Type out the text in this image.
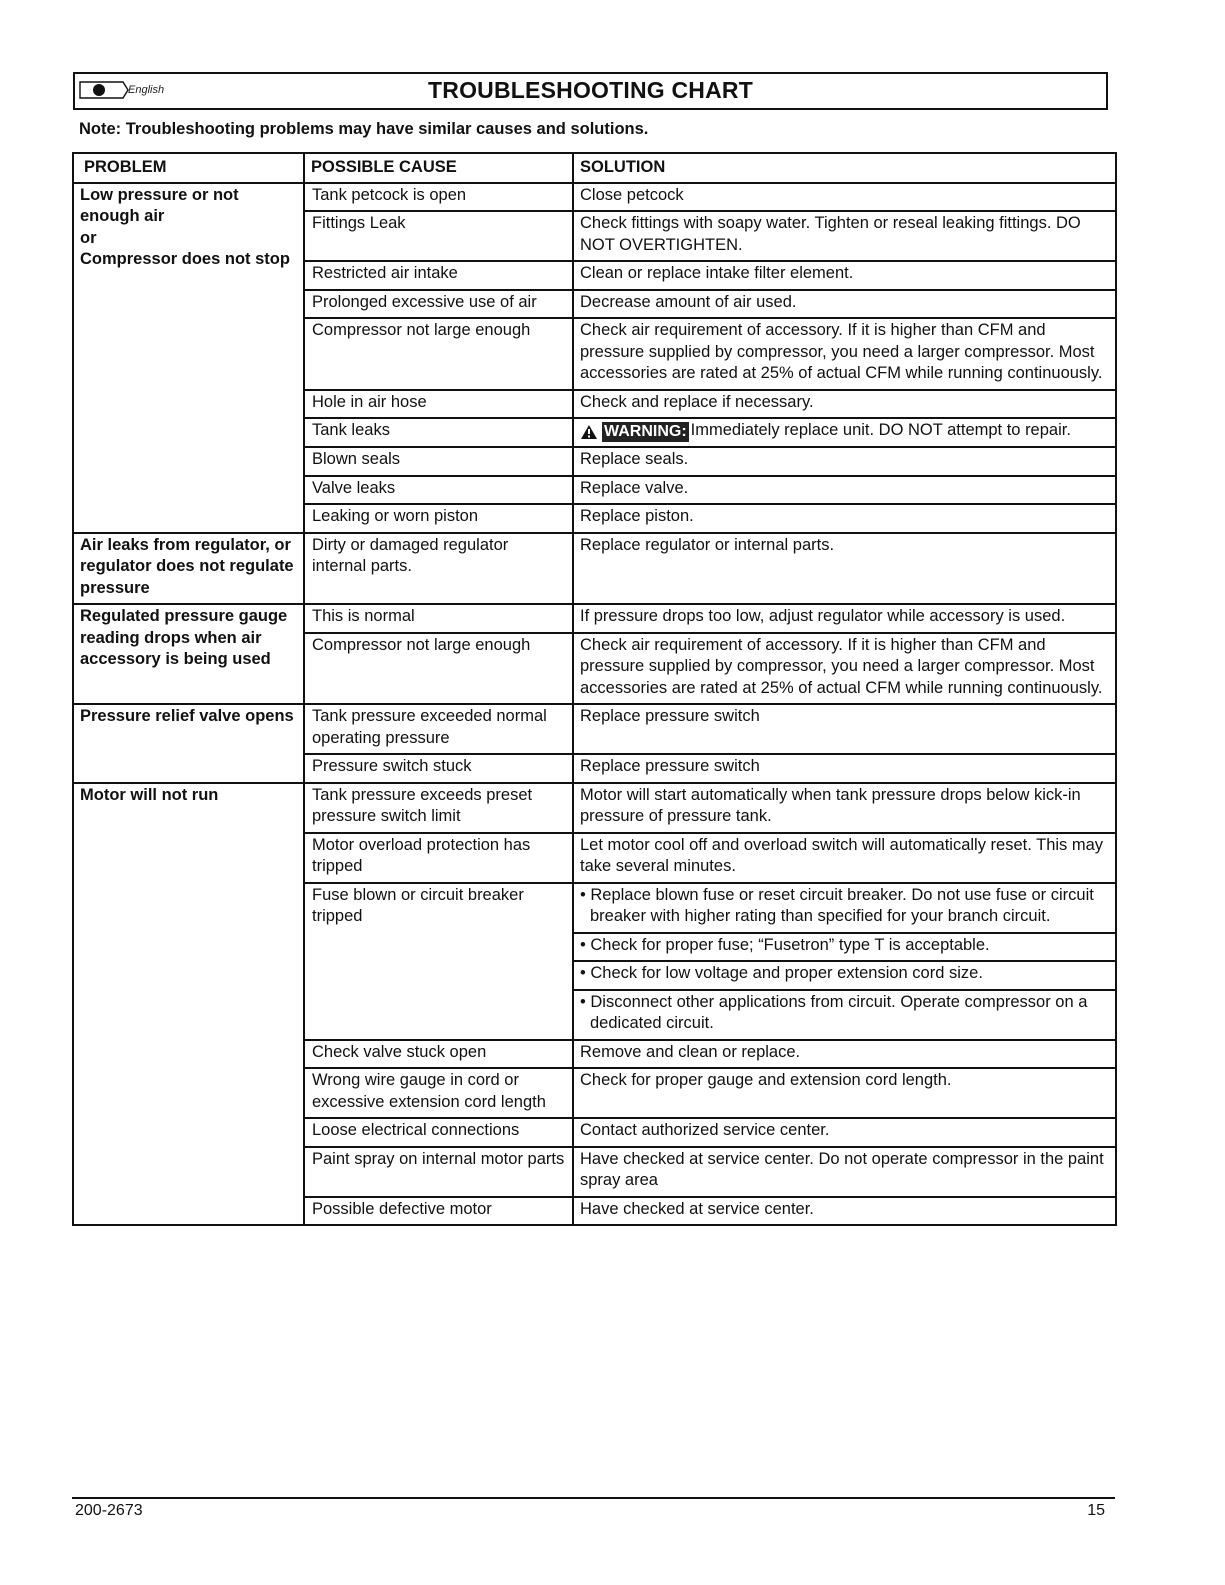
English	TROUBLESHOOTING CHART
Note: Troubleshooting problems may have similar causes and solutions.
PROBLEM	POSSIBLE CAUSE	SOLUTION

Low pressure or not enough air
or
Compressor does not stop	Tank petcock is open	Close petcock
	Fittings Leak	Check fittings with soapy water. Tighten or reseal leaking fittings. DO NOT OVERTIGHTEN.
	Restricted air intake	Clean or replace intake filter element.
	Prolonged excessive use of air	Decrease amount of air used.
	Compressor not large enough	Check air requirement of accessory. If it is higher than CFM and pressure supplied by compressor, you need a larger compressor. Most accessories are rated at 25% of actual CFM while running continuously.
	Hole in air hose	Check and replace if necessary.
	Tank leaks	WARNING: Immediately replace unit. DO NOT attempt to repair.

	Blown seals	Replace seals.
	Valve leaks	Replace valve.
	Leaking or worn piston	Replace piston.

Air leaks from regulator, or regulator does not regulate pressure	Dirty or damaged regulator internal parts.	Replace regulator or internal parts.

Regulated pressure gauge reading drops when air accessory is being used	This is normal	If pressure drops too low, adjust regulator while accessory is used.
	Compressor not large enough	Check air requirement of accessory. If it is higher than CFM and pressure supplied by compressor, you need a larger compressor. Most accessories are rated at 25% of actual CFM while running continuously.

Pressure relief valve opens	Tank pressure exceeded normal operating pressure	Replace pressure switch
	Pressure switch stuck	Replace pressure switch

Motor will not run	Tank pressure exceeds preset pressure switch limit	Motor will start automatically when tank pressure drops below kick-in pressure of pressure tank.
	Motor overload protection has tripped	Let motor cool off and overload switch will automatically reset. This may take several minutes.
	Fuse blown or circuit breaker tripped	• Replace blown fuse or reset circuit breaker. Do not use fuse or circuit breaker with higher rating than specified for your branch circuit.

		• Check for proper fuse; “Fusetron” type T is acceptable.

		• Check for low voltage and proper extension cord size.

		• Disconnect other applications from circuit. Operate compressor on a dedicated circuit.

	Check valve stuck open	Remove and clean or replace.
	Wrong wire gauge in cord or excessive extension cord length	Check for proper gauge and extension cord length.
	Loose electrical connections	Contact authorized service center.
	Paint spray on internal motor parts	Have checked at service center. Do not operate compressor in the paint spray area
	Possible defective motor	Have checked at service center.
200-2673	15
